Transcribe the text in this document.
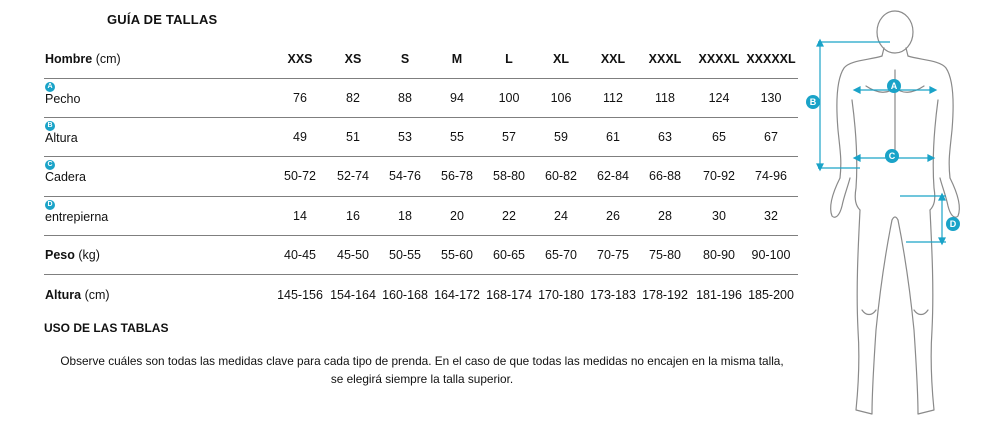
GUÍA DE TALLAS
Hombre (cm)	XXS	XS	S	M	L	XL	XXL	XXXL	XXXXL XXXXXL
A
Pecho	76	82	88	94	100	106	112	118	124	130
B
Altura	49	51	53	55	57	59	61	63	65	67
C
Cadera	50-72	52-74	54-76	56-78	58-80	60-82	62-84	66-88	70-92	74-96
D
entrepierna	14	16	18	20	22	24	26	28	30	32
Peso (kg)	40-45	45-50	50-55	55-60	60-65	65-70	70-75	75-80	80-90	90-100
Altura (cm)	145-156 154-164 160-168 164-172 168-174 170-180 173-183 178-192 181-196 185-200
USO DE LAS TABLAS
Observe cuáles son todas las medidas clave para cada tipo de prenda. En el caso de que todas las medidas no encajen en la misma talla,
se elegirá siempre la talla superior.
A
B
C
D
